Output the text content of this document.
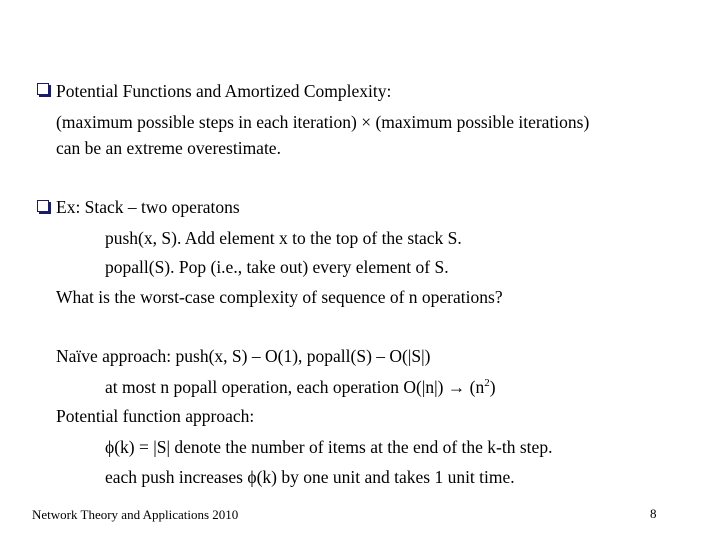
Potential Functions and Amortized Complexity:
(maximum possible steps in each iteration) × (maximum possible iterations)
can be an extreme overestimate.
Ex: Stack – two operatons
push(x, S). Add element x to the top of the stack S.
popall(S). Pop (i.e., take out) every element of S.
What is the worst-case complexity of sequence of n operations?
Naïve approach: push(x, S) – O(1), popall(S) – O(|S|)
at most n popall operation, each operation $O(|n|) \to (n^2)$
Potential function approach:
ϕ(k) = |S| denote the number of items at the end of the k-th step.
each push increases ϕ(k) by one unit and takes 1 unit time.
Network Theory and Applications 2010	8
